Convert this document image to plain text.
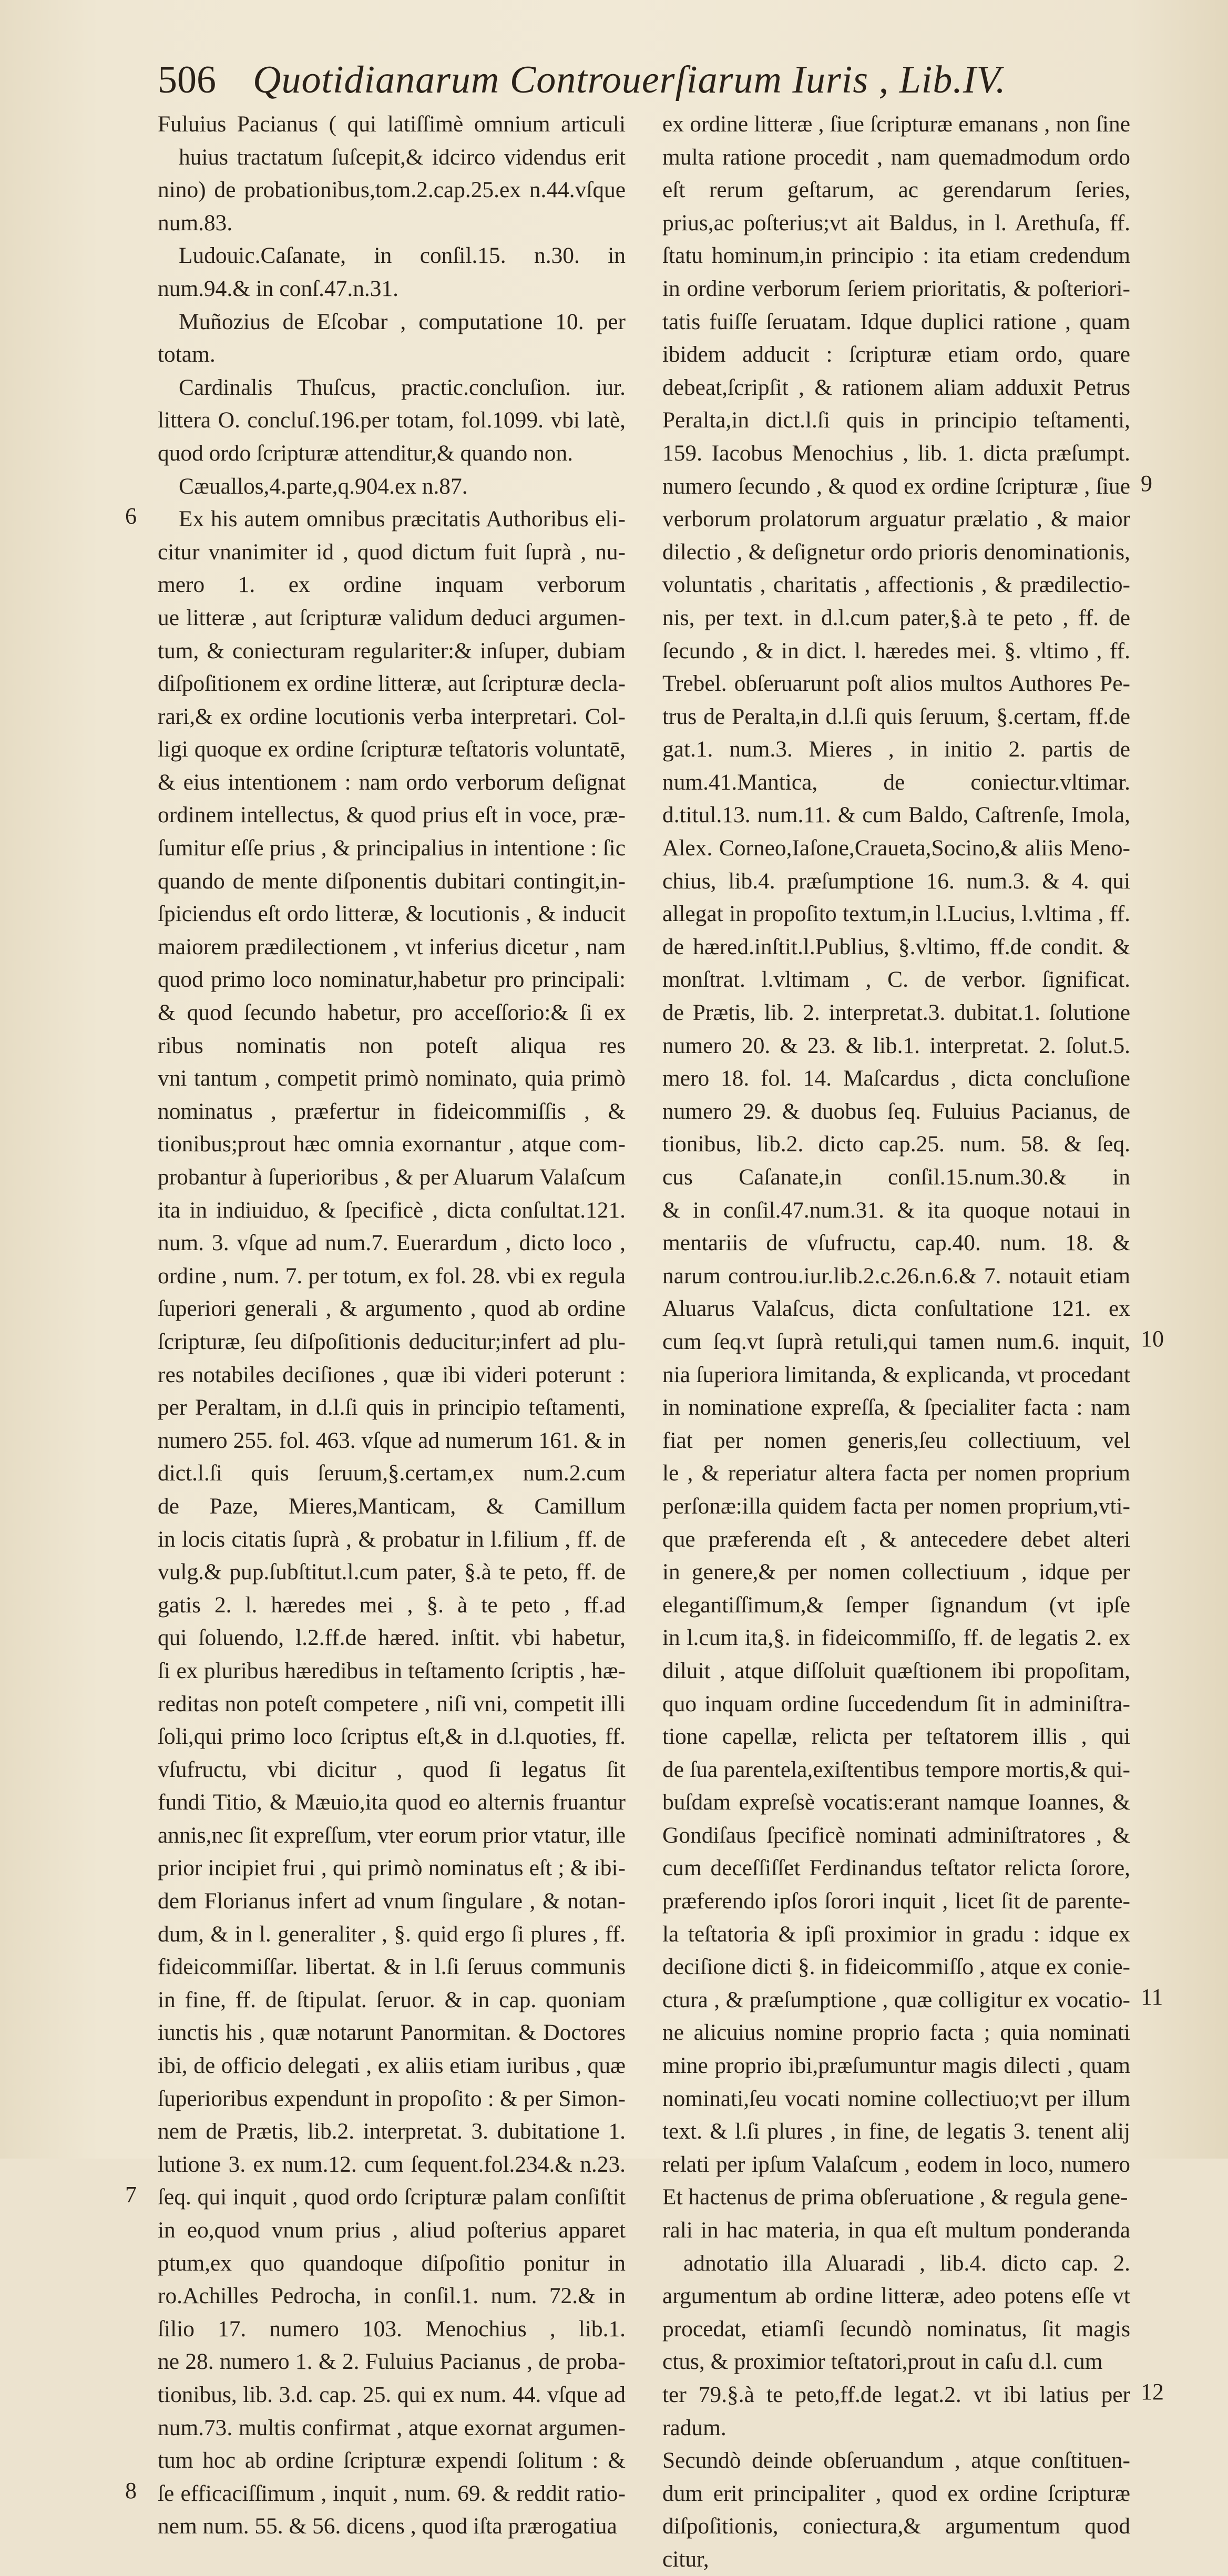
506 Quotidianarum Controuerſiarum Iuris , Lib.IV.
Fuluius Pacianus ( qui latiſſimè omnium articuli
huius tractatum ſuſcepit,& idcirco videndus erit
nino) de probationibus,tom.2.cap.25.ex n.44.vſque
num.83.
Ludouic.Caſanate, in conſil.15. n.30. in
num.94.& in conſ.47.n.31.
Muñozius de Eſcobar , computatione 10. per
totam.
Cardinalis Thuſcus, practic.concluſion. iur.
littera O. concluſ.196.per totam, fol.1099. vbi latè,
quod ordo ſcripturæ attenditur,& quando non.
Cæuallos,4.parte,q.904.ex n.87.
Ex his autem omnibus præcitatis Authoribus eli-
citur vnanimiter id , quod dictum fuit ſuprà , nu-
mero 1. ex ordine inquam verborum
ue litteræ , aut ſcripturæ validum deduci argumen-
tum, & coniecturam regulariter:& inſuper, dubiam
diſpoſitionem ex ordine litteræ, aut ſcripturæ decla-
rari,& ex ordine locutionis verba interpretari. Col-
ligi quoque ex ordine ſcripturæ teſtatoris voluntatē,
& eius intentionem : nam ordo verborum deſignat
ordinem intellectus, & quod prius eſt in voce, præ-
ſumitur eſſe prius , & principalius in intentione : ſic
quando de mente diſponentis dubitari contingit,in-
ſpiciendus eſt ordo litteræ, & locutionis , & inducit
maiorem prædilectionem , vt inferius dicetur , nam
quod primo loco nominatur,habetur pro principali:
& quod ſecundo habetur, pro acceſſorio:& ſi ex
ribus nominatis non poteſt aliqua res
vni tantum , competit primò nominato, quia primò
nominatus , præfertur in fideicommiſſis , &
tionibus;prout hæc omnia exornantur , atque com-
probantur à ſuperioribus , & per Aluarum Valaſcum
ita in indiuiduo, & ſpecificè , dicta conſultat.121.
num. 3. vſque ad num.7. Euerardum , dicto loco ,
ordine , num. 7. per totum, ex fol. 28. vbi ex regula
ſuperiori generali , & argumento , quod ab ordine
ſcripturæ, ſeu diſpoſitionis deducitur;infert ad plu-
res notabiles deciſiones , quæ ibi videri poterunt :
per Peraltam, in d.l.ſi quis in principio teſtamenti,
numero 255. fol. 463. vſque ad numerum 161. & in
dict.l.ſi quis ſeruum,§.certam,ex num.2.cum
de Paze, Mieres,Manticam, & Camillum
in locis citatis ſuprà , & probatur in l.filium , ff. de
vulg.& pup.ſubſtitut.l.cum pater, §.à te peto, ff. de
gatis 2. l. hæredes mei , §. à te peto , ff.ad
qui ſoluendo, l.2.ff.de hæred. inſtit. vbi habetur,
ſi ex pluribus hæredibus in teſtamento ſcriptis , hæ-
reditas non poteſt competere , niſi vni, competit illi
ſoli,qui primo loco ſcriptus eſt,& in d.l.quoties, ff.
vſufructu, vbi dicitur , quod ſi legatus ſit
fundi Titio, & Mæuio,ita quod eo alternis fruantur
annis,nec ſit expreſſum, vter eorum prior vtatur, ille
prior incipiet frui , qui primò nominatus eſt ; & ibi-
dem Florianus infert ad vnum ſingulare , & notan-
dum, & in l. generaliter , §. quid ergo ſi plures , ff.
fideicommiſſar. libertat. & in l.ſi ſeruus communis
in fine, ff. de ſtipulat. ſeruor. & in cap. quoniam
iunctis his , quæ notarunt Panormitan. & Doctores
ibi, de officio delegati , ex aliis etiam iuribus , quæ
ſuperioribus expendunt in propoſito : & per Simon-
nem de Prætis, lib.2. interpretat. 3. dubitatione 1.
lutione 3. ex num.12. cum ſequent.fol.234.& n.23.
ſeq. qui inquit , quod ordo ſcripturæ palam conſiſtit
in eo,quod vnum prius , aliud poſterius apparet
ptum,ex quo quandoque diſpoſitio ponitur in
ro.Achilles Pedrocha, in conſil.1. num. 72.& in
ſilio 17. numero 103. Menochius , lib.1.
ne 28. numero 1. & 2. Fuluius Pacianus , de proba-
tionibus, lib. 3.d. cap. 25. qui ex num. 44. vſque ad
num.73. multis confirmat , atque exornat argumen-
tum hoc ab ordine ſcripturæ expendi ſolitum : &
ſe efficaciſſimum , inquit , num. 69. & reddit ratio-
nem num. 55. & 56. dicens , quod iſta prærogatiua
ex ordine litteræ , ſiue ſcripturæ emanans , non ſine
multa ratione procedit , nam quemadmodum ordo
eſt rerum geſtarum, ac gerendarum ſeries,
prius,ac poſterius;vt ait Baldus, in l. Arethuſa, ff.
ſtatu hominum,in principio : ita etiam credendum
in ordine verborum ſeriem prioritatis, & poſteriori-
tatis fuiſſe ſeruatam. Idque duplici ratione , quam
ibidem adducit : ſcripturæ etiam ordo, quare
debeat,ſcripſit , & rationem aliam adduxit Petrus
Peralta,in dict.l.ſi quis in principio teſtamenti,
159. Iacobus Menochius , lib. 1. dicta præſumpt.
numero ſecundo , & quod ex ordine ſcripturæ , ſiue
verborum prolatorum arguatur prælatio , & maior
dilectio , & deſignetur ordo prioris denominationis,
voluntatis , charitatis , affectionis , & prædilectio-
nis, per text. in d.l.cum pater,§.à te peto , ff. de
ſecundo , & in dict. l. hæredes mei. §. vltimo , ff.
Trebel. obſeruarunt poſt alios multos Authores Pe-
trus de Peralta,in d.l.ſi quis ſeruum, §.certam, ff.de
gat.1. num.3. Mieres , in initio 2. partis de
num.41.Mantica, de coniectur.vltimar.
d.titul.13. num.11. & cum Baldo, Caſtrenſe, Imola,
Alex. Corneo,Iaſone,Craueta,Socino,& aliis Meno-
chius, lib.4. præſumptione 16. num.3. & 4. qui
allegat in propoſito textum,in l.Lucius, l.vltima , ff.
de hæred.inſtit.l.Publius, §.vltimo, ff.de condit. &
monſtrat. l.vltimam , C. de verbor. ſignificat.
de Prætis, lib. 2. interpretat.3. dubitat.1. ſolutione
numero 20. & 23. & lib.1. interpretat. 2. ſolut.5.
mero 18. fol. 14. Maſcardus , dicta concluſione
numero 29. & duobus ſeq. Fuluius Pacianus, de
tionibus, lib.2. dicto cap.25. num. 58. & ſeq.
cus Caſanate,in conſil.15.num.30.& in
& in conſil.47.num.31. & ita quoque notaui in
mentariis de vſufructu, cap.40. num. 18. &
narum controu.iur.lib.2.c.26.n.6.& 7. notauit etiam
Aluarus Valaſcus, dicta conſultatione 121. ex
cum ſeq.vt ſuprà retuli,qui tamen num.6. inquit,
nia ſuperiora limitanda, & explicanda, vt procedant
in nominatione expreſſa, & ſpecialiter facta : nam
fiat per nomen generis,ſeu collectiuum, vel
le , & reperiatur altera facta per nomen proprium
perſonæ:illa quidem facta per nomen proprium,vti-
que præferenda eſt , & antecedere debet alteri
in genere,& per nomen collectiuum , idque per
elegantiſſimum,& ſemper ſignandum (vt ipſe
in l.cum ita,§. in fideicommiſſo, ff. de legatis 2. ex
diluit , atque diſſoluit quæſtionem ibi propoſitam,
quo inquam ordine ſuccedendum ſit in adminiſtra-
tione capellæ, relicta per teſtatorem illis , qui
de ſua parentela,exiſtentibus tempore mortis,& qui-
buſdam expreſsè vocatis:erant namque Ioannes, &
Gondiſaus ſpecificè nominati adminiſtratores , &
cum deceſſiſſet Ferdinandus teſtator relicta ſorore,
præferendo ipſos ſorori inquit , licet ſit de parente-
la teſtatoria & ipſi proximior in gradu : idque ex
deciſione dicti §. in fideicommiſſo , atque ex conie-
ctura , & præſumptione , quæ colligitur ex vocatio-
ne alicuius nomine proprio facta ; quia nominati
mine proprio ibi,præſumuntur magis dilecti , quam
nominati,ſeu vocati nomine collectiuo;vt per illum
text. & l.ſi plures , in fine, de legatis 3. tenent alij
relati per ipſum Valaſcum , eodem in loco, numero
Et hactenus de prima obſeruatione , & regula gene-
rali in hac materia, in qua eſt multum ponderanda
adnotatio illa Aluaradi , lib.4. dicto cap. 2.
argumentum ab ordine litteræ, adeo potens eſſe vt
procedat, etiamſi ſecundò nominatus, ſit magis
ctus, & proximior teſtatori,prout in caſu d.l. cum
ter 79.§.à te peto,ff.de legat.2. vt ibi latius per
radum.
Secundò deinde obſeruandum , atque conſtituen-
dum erit principaliter , quod ex ordine ſcripturæ
diſpoſitionis, coniectura,& argumentum quod
citur,
6
7
8
9
10
11
12
